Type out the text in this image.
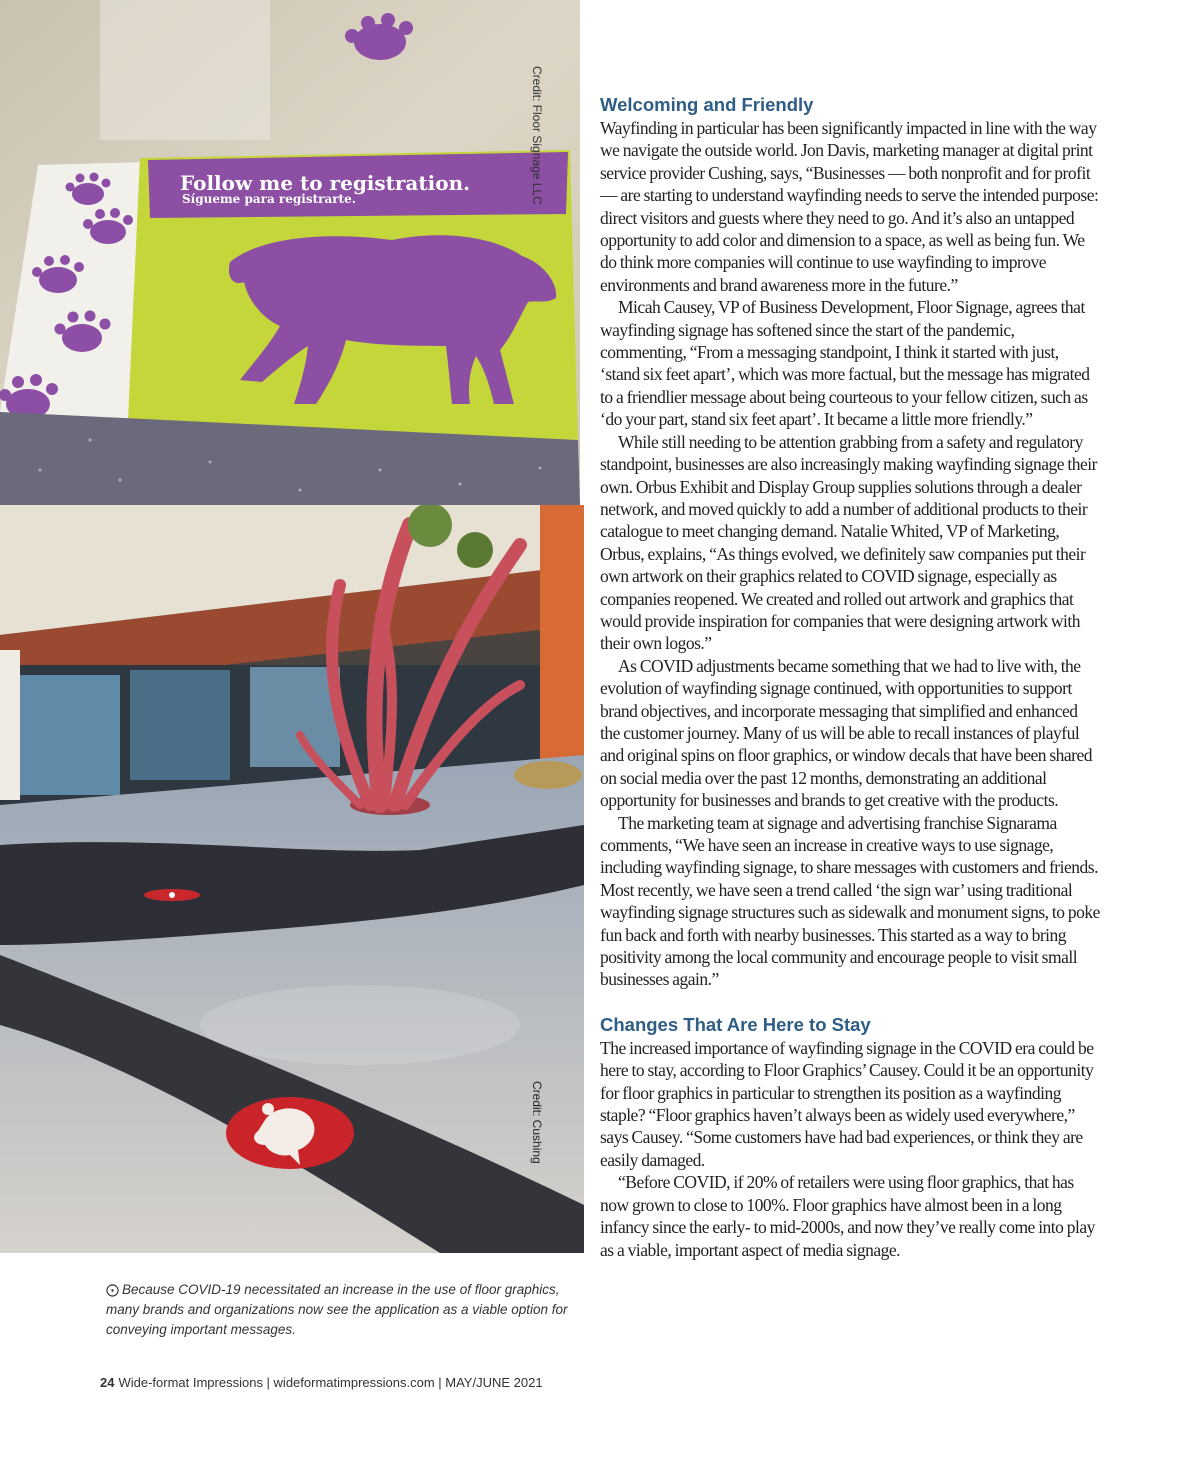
Follow me to registration.
Sígueme para registrarte.	Credit: Floor Signage LLC
Credit: Cushing
⨀ Because COVID-19 necessitated an increase in the use of floor graphics, many brands and organizations now see the application as a viable option for conveying important messages.
Welcoming and Friendly

Wayfinding in particular has been significantly impacted in line with the way we navigate the outside world. Jon Davis, marketing manager at digital print service provider Cushing, says, “Businesses — both nonprofit and for profit — are starting to understand wayfinding needs to serve the intended purpose: direct visitors and guests where they need to go. And it’s also an untapped opportunity to add color and dimension to a space, as well as being fun. We do think more companies will continue to use wayfinding to improve environments and brand awareness more in the future.”

Micah Causey, VP of Business Development, Floor Signage, agrees that wayfinding signage has softened since the start of the pandemic, commenting, “From a messaging standpoint, I think it started with just, ‘stand six feet apart’, which was more factual, but the message has migrated to a friendlier message about being courteous to your fellow citizen, such as ‘do your part, stand six feet apart’. It became a little more friendly.”

While still needing to be attention grabbing from a safety and regulatory standpoint, businesses are also increasingly making wayfinding signage their own. Orbus Exhibit and Display Group supplies solutions through a dealer network, and moved quickly to add a number of additional products to their catalogue to meet changing demand. Natalie Whited, VP of Marketing, Orbus, explains, “As things evolved, we definitely saw companies put their own artwork on their graphics related to COVID signage, especially as companies reopened. We created and rolled out artwork and graphics that would provide inspiration for companies that were designing artwork with their own logos.”

As COVID adjustments became something that we had to live with, the evolution of wayfinding signage continued, with opportunities to support brand objectives, and incorporate messaging that simplified and enhanced the customer journey. Many of us will be able to recall instances of playful and original spins on floor graphics, or window decals that have been shared on social media over the past 12 months, demonstrating an additional opportunity for businesses and brands to get creative with the products.

The marketing team at signage and advertising franchise Signarama comments, “We have seen an increase in creative ways to use signage, including wayfinding signage, to share messages with customers and friends. Most recently, we have seen a trend called ‘the sign war’ using traditional wayfinding signage structures such as sidewalk and monument signs, to poke fun back and forth with nearby businesses. This started as a way to bring positivity among the local community and encourage people to visit small businesses again.”

Changes That Are Here to Stay

The increased importance of wayfinding signage in the COVID era could be here to stay, according to Floor Graphics’ Causey. Could it be an opportunity for floor graphics in particular to strengthen its position as a wayfinding staple? “Floor graphics haven’t always been as widely used everywhere,” says Causey. “Some customers have had bad experiences, or think they are easily damaged.

“Before COVID, if 20% of retailers were using floor graphics, that has now grown to close to 100%. Floor graphics have almost been in a long infancy since the early- to mid-2000s, and now they’ve really come into play as a viable, important aspect of media signage.

24 Wide-format Impressions | wideformatimpressions.com | MAY/JUNE 2021
